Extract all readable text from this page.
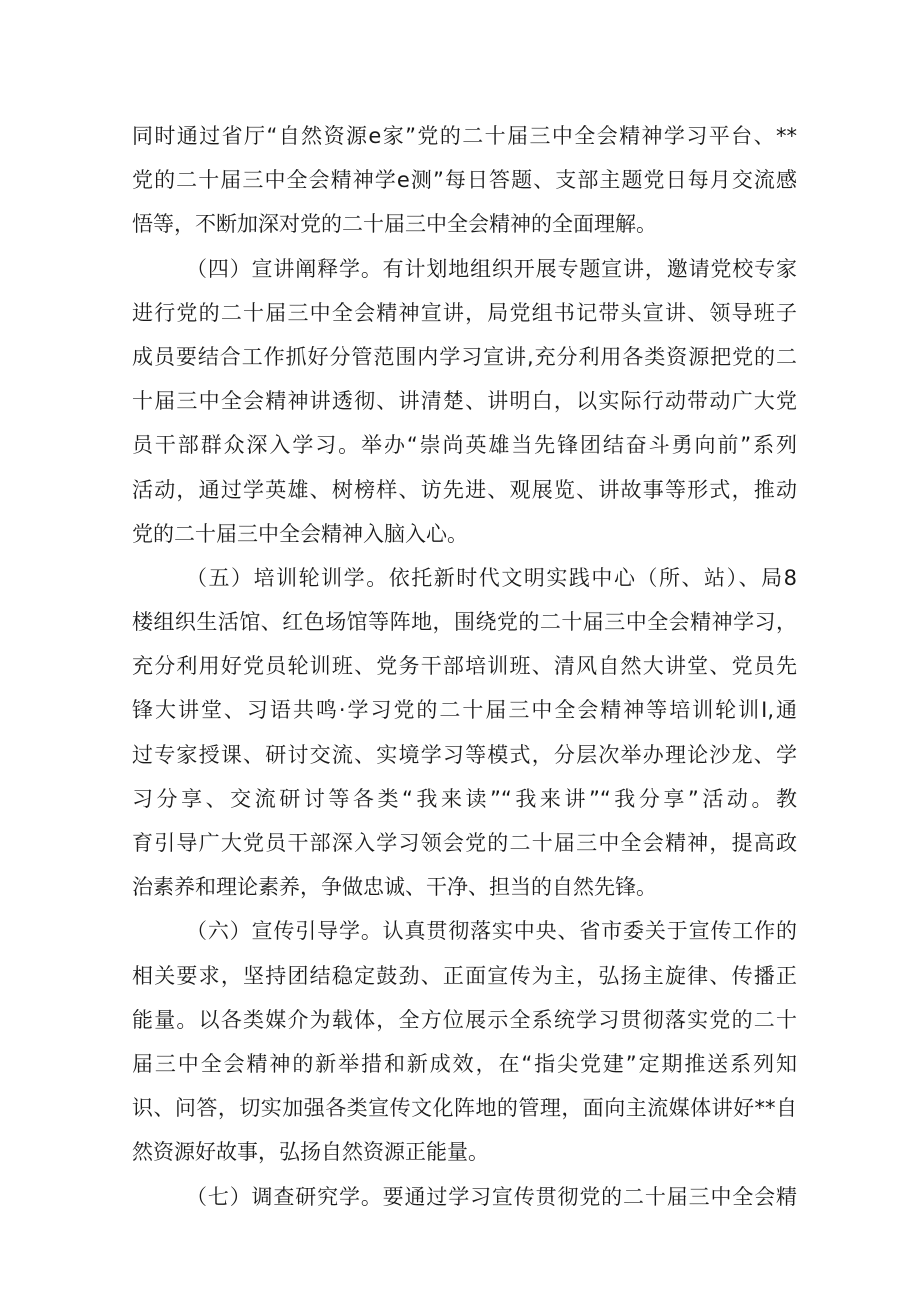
同时通过省厅“自然资源e家”党的二十届三中全会精神学习平台、**
党的二十届三中全会精神学e测”每日答题、支部主题党日每月交流感
悟等，不断加深对党的二十届三中全会精神的全面理解。
（四）宣讲阐释学。有计划地组织开展专题宣讲，邀请党校专家
进行党的二十届三中全会精神宣讲，局党组书记带头宣讲、领导班子
成员要结合工作抓好分管范围内学习宣讲,充分利用各类资源把党的二
十届三中全会精神讲透彻、讲清楚、讲明白，以实际行动带动广大党
员干部群众深入学习。举办“崇尚英雄当先锋团结奋斗勇向前”系列
活动，通过学英雄、树榜样、访先进、观展览、讲故事等形式，推动
党的二十届三中全会精神入脑入心。
（五）培训轮训学。依托新时代文明实践中心（所、站）、局8
楼组织生活馆、红色场馆等阵地，围绕党的二十届三中全会精神学习，
充分利用好党员轮训班、党务干部培训班、清风自然大讲堂、党员先
锋大讲堂、习语共鸣·学习党的二十届三中全会精神等培训轮训I,通
过专家授课、研讨交流、实境学习等模式，分层次举办理论沙龙、学
习分享、交流研讨等各类“我来读”“我来讲”“我分享”活动。教
育引导广大党员干部深入学习领会党的二十届三中全会精神，提高政
治素养和理论素养，争做忠诚、干净、担当的自然先锋。
（六）宣传引导学。认真贯彻落实中央、省市委关于宣传工作的
相关要求，坚持团结稳定鼓劲、正面宣传为主，弘扬主旋律、传播正
能量。以各类媒介为载体，全方位展示全系统学习贯彻落实党的二十
届三中全会精神的新举措和新成效，在“指尖党建”定期推送系列知
识、问答，切实加强各类宣传文化阵地的管理，面向主流媒体讲好**自
然资源好故事，弘扬自然资源正能量。
（七）调查研究学。要通过学习宣传贯彻党的二十届三中全会精
